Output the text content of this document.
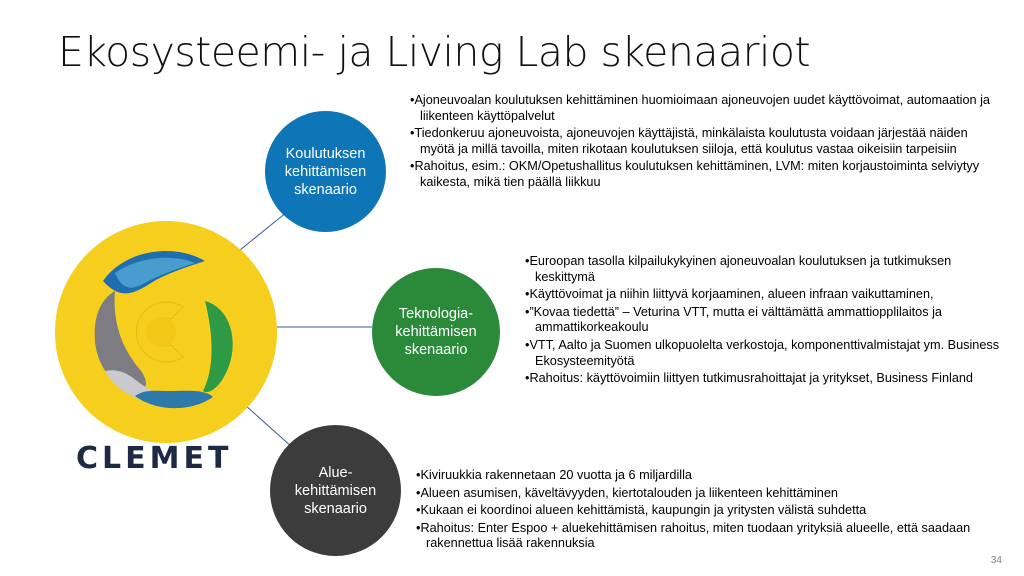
Ekosysteemi- ja Living Lab skenaariot
CLEMET
Koulutuksen
kehittämisen
skenaario
Teknologia-
kehittämisen
skenaario
Alue-
kehittämisen
skenaario
•Ajoneuvoalan koulutuksen kehittäminen huomioimaan ajoneuvojen uudet käyttövoimat, automaation ja liikenteen käyttöpalvelut
•Tiedonkeruu ajoneuvoista, ajoneuvojen käyttäjistä, minkälaista koulutusta voidaan järjestää näiden myötä ja millä tavoilla, miten rikotaan koulutuksen siiloja, että koulutus vastaa oikeisiin tarpeisiin
•Rahoitus, esim.: OKM/Opetushallitus koulutuksen kehittäminen, LVM: miten korjaustoiminta selviytyy kaikesta, mikä tien päällä liikkuu
•Euroopan tasolla kilpailukykyinen ajoneuvoalan koulutuksen ja tutkimuksen keskittymä
•Käyttövoimat ja niihin liittyvä korjaaminen, alueen infraan vaikuttaminen,
•”Kovaa tiedettä” – Veturina VTT, mutta ei välttämättä ammattiopplilaitos ja ammattikorkeakoulu
•VTT, Aalto ja Suomen ulkopuolelta verkostoja, komponenttivalmistajat ym. Business Ekosysteemityötä
•Rahoitus: käyttövoimiin liittyen tutkimusrahoittajat ja yritykset, Business Finland
•Kiviruukkia rakennetaan 20 vuotta ja 6 miljardilla
•Alueen asumisen, käveltävyyden, kiertotalouden ja liikenteen kehittäminen
•Kukaan ei koordinoi alueen kehittämistä, kaupungin ja yritysten välistä suhdetta
•Rahoitus: Enter Espoo + aluekehittämisen rahoitus, miten tuodaan yrityksiä alueelle, että saadaan rakennettua lisää rakennuksia
34
